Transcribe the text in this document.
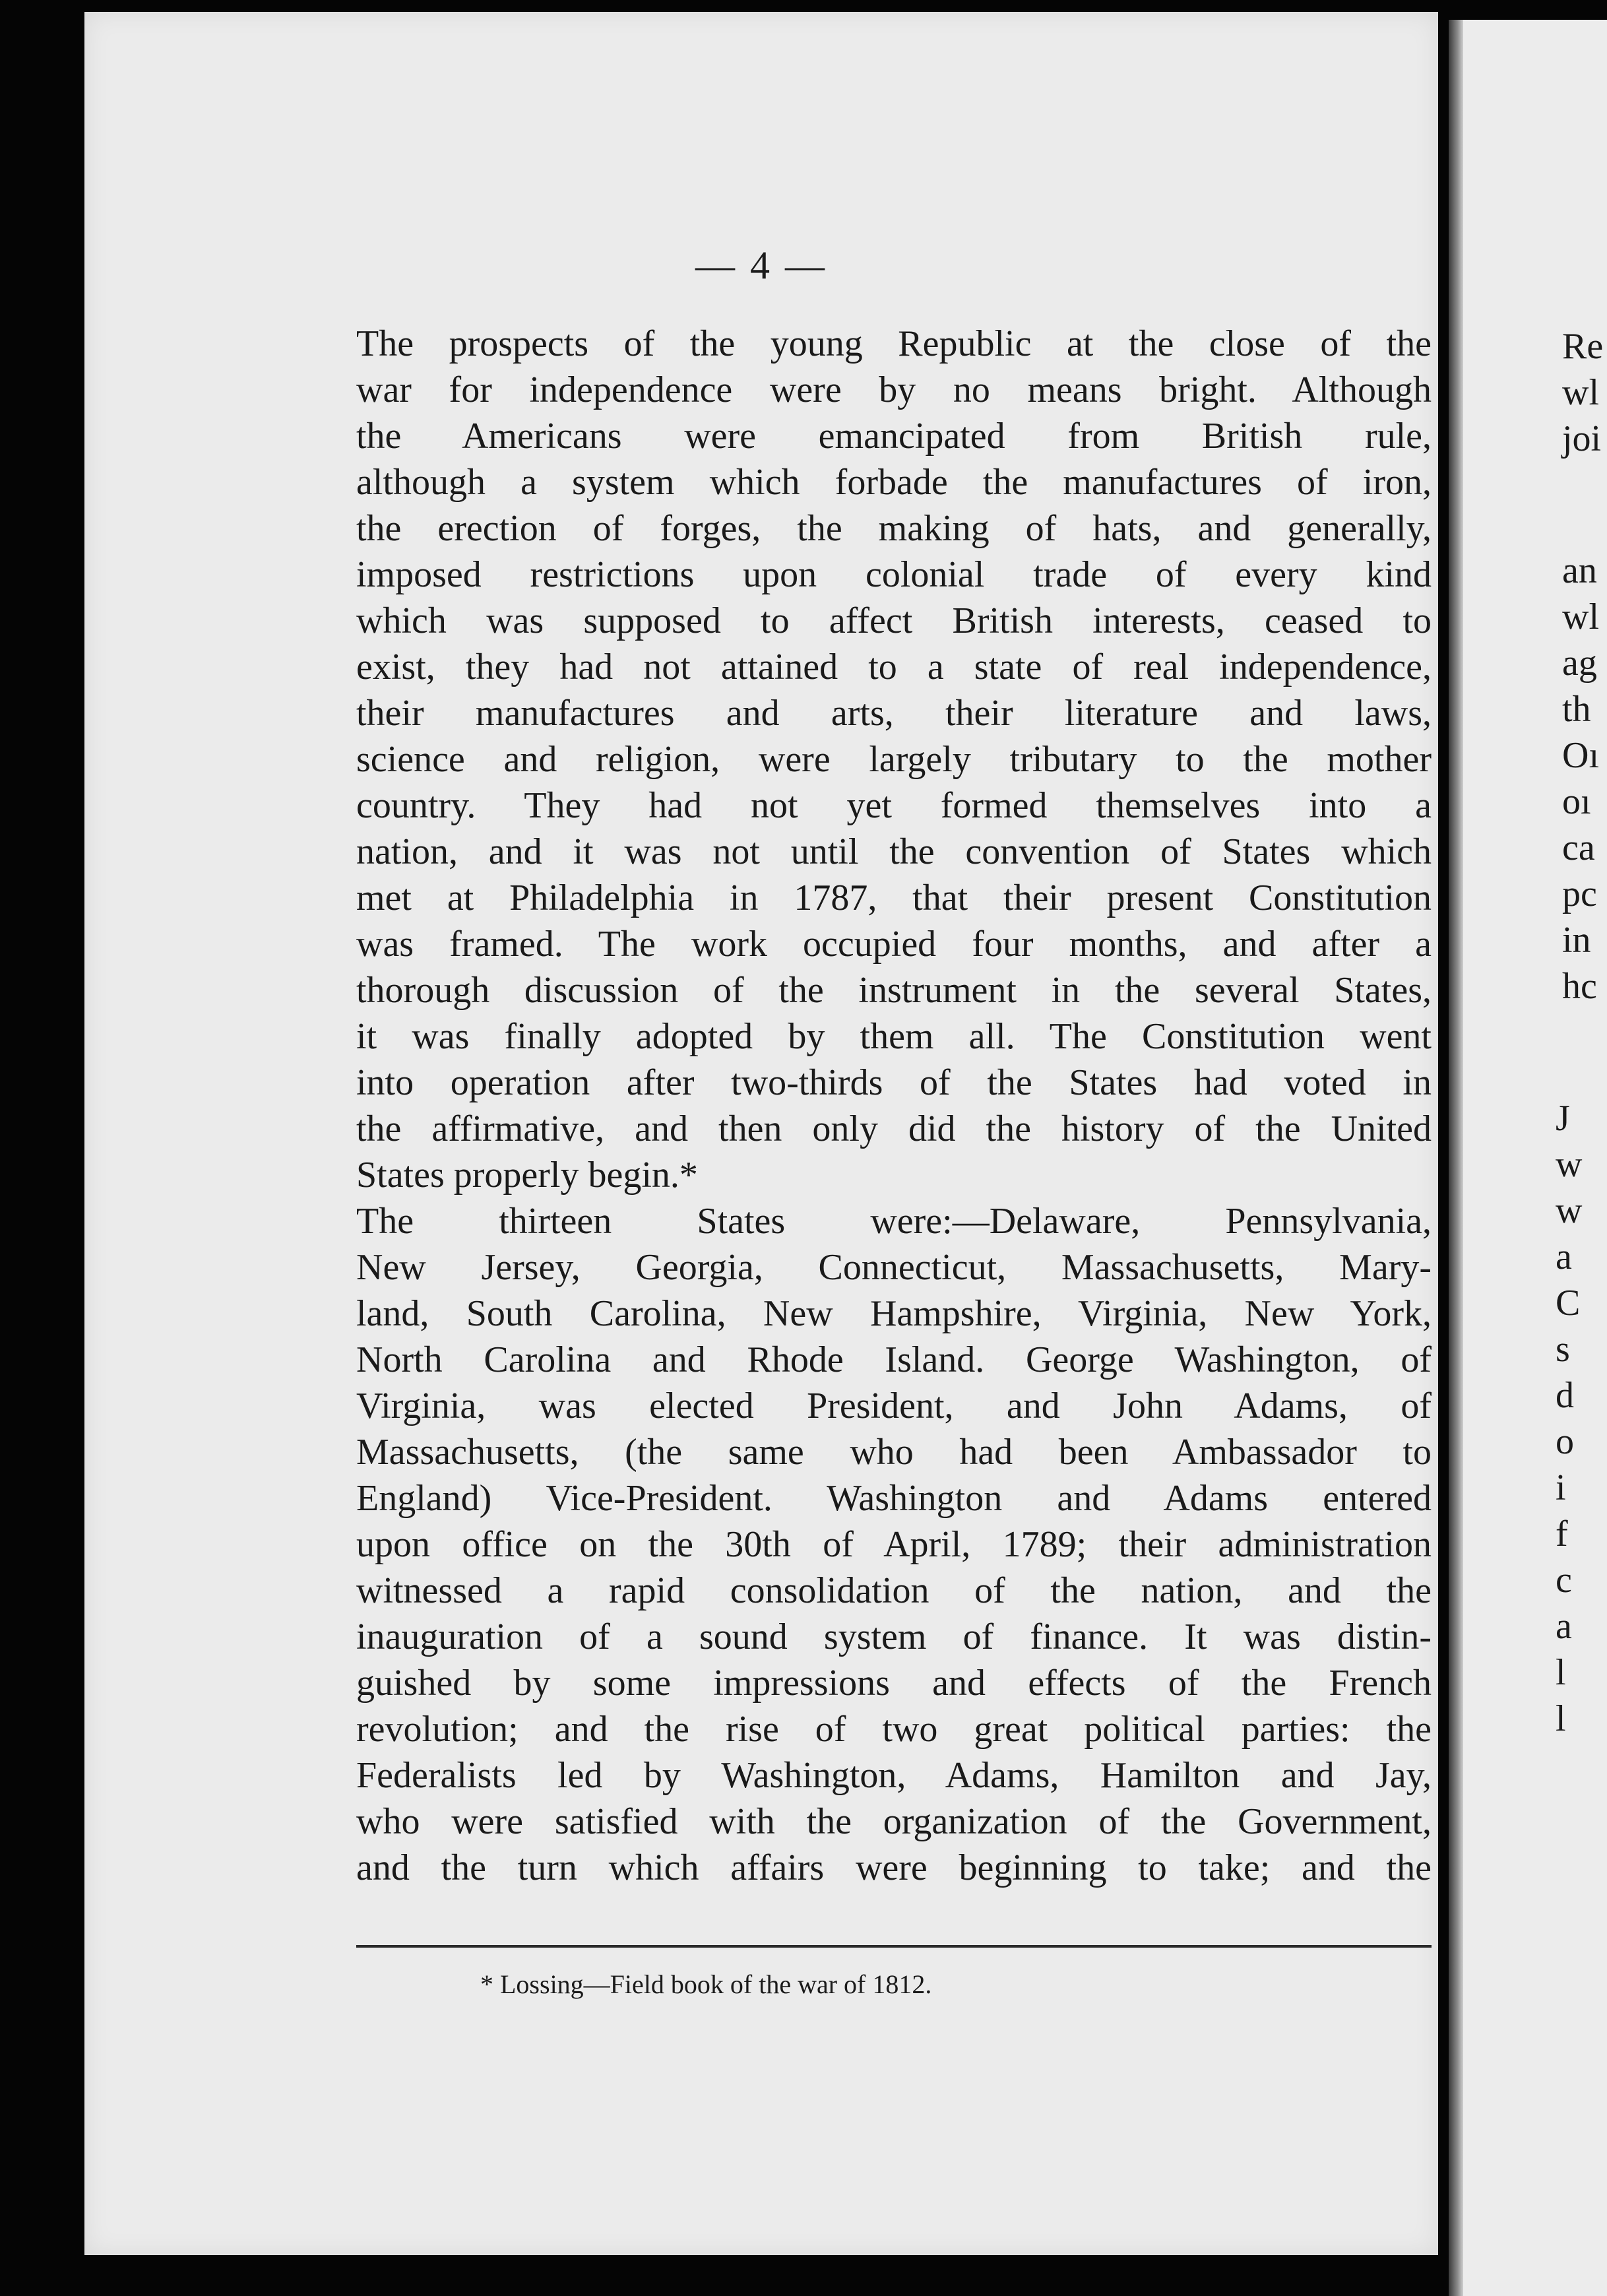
— 4 —
The prospects of the young Republic at the close of the
war for independence were by no means bright. Although
the Americans were emancipated from British rule,
although a system which forbade the manufactures of iron,
the erection of forges, the making of hats, and generally,
imposed restrictions upon colonial trade of every kind
which was supposed to affect British interests, ceased to
exist, they had not attained to a state of real independence,
their manufactures and arts, their literature and laws,
science and religion, were largely tributary to the mother
country. They had not yet formed themselves into a
nation, and it was not until the convention of States which
met at Philadelphia in 1787, that their present Constitution
was framed. The work occupied four months, and after a
thorough discussion of the instrument in the several States,
it was finally adopted by them all. The Constitution went
into operation after two-thirds of the States had voted in
the affirmative, and then only did the history of the United
States properly begin.*
The thirteen States were:—Delaware, Pennsylvania,
New Jersey, Georgia, Connecticut, Massachusetts, Mary-
land, South Carolina, New Hampshire, Virginia, New York,
North Carolina and Rhode Island. George Washington, of
Virginia, was elected President, and John Adams, of
Massachusetts, (the same who had been Ambassador to
England) Vice-President. Washington and Adams entered
upon office on the 30th of April, 1789; their administration
witnessed a rapid consolidation of the nation, and the
inauguration of a sound system of finance. It was distin-
guished by some impressions and effects of the French
revolution; and the rise of two great political parties: the
Federalists led by Washington, Adams, Hamilton and Jay,
who were satisfied with the organization of the Government,
and the turn which affairs were beginning to take; and the
* Lossing—Field book of the war of 1812.
Re
wl
joi
an
wl
ag
th
Oı
oı
ca
pc
in
hc
J
w
w
a
C
s
d
o
i
f
c
a
l
l
